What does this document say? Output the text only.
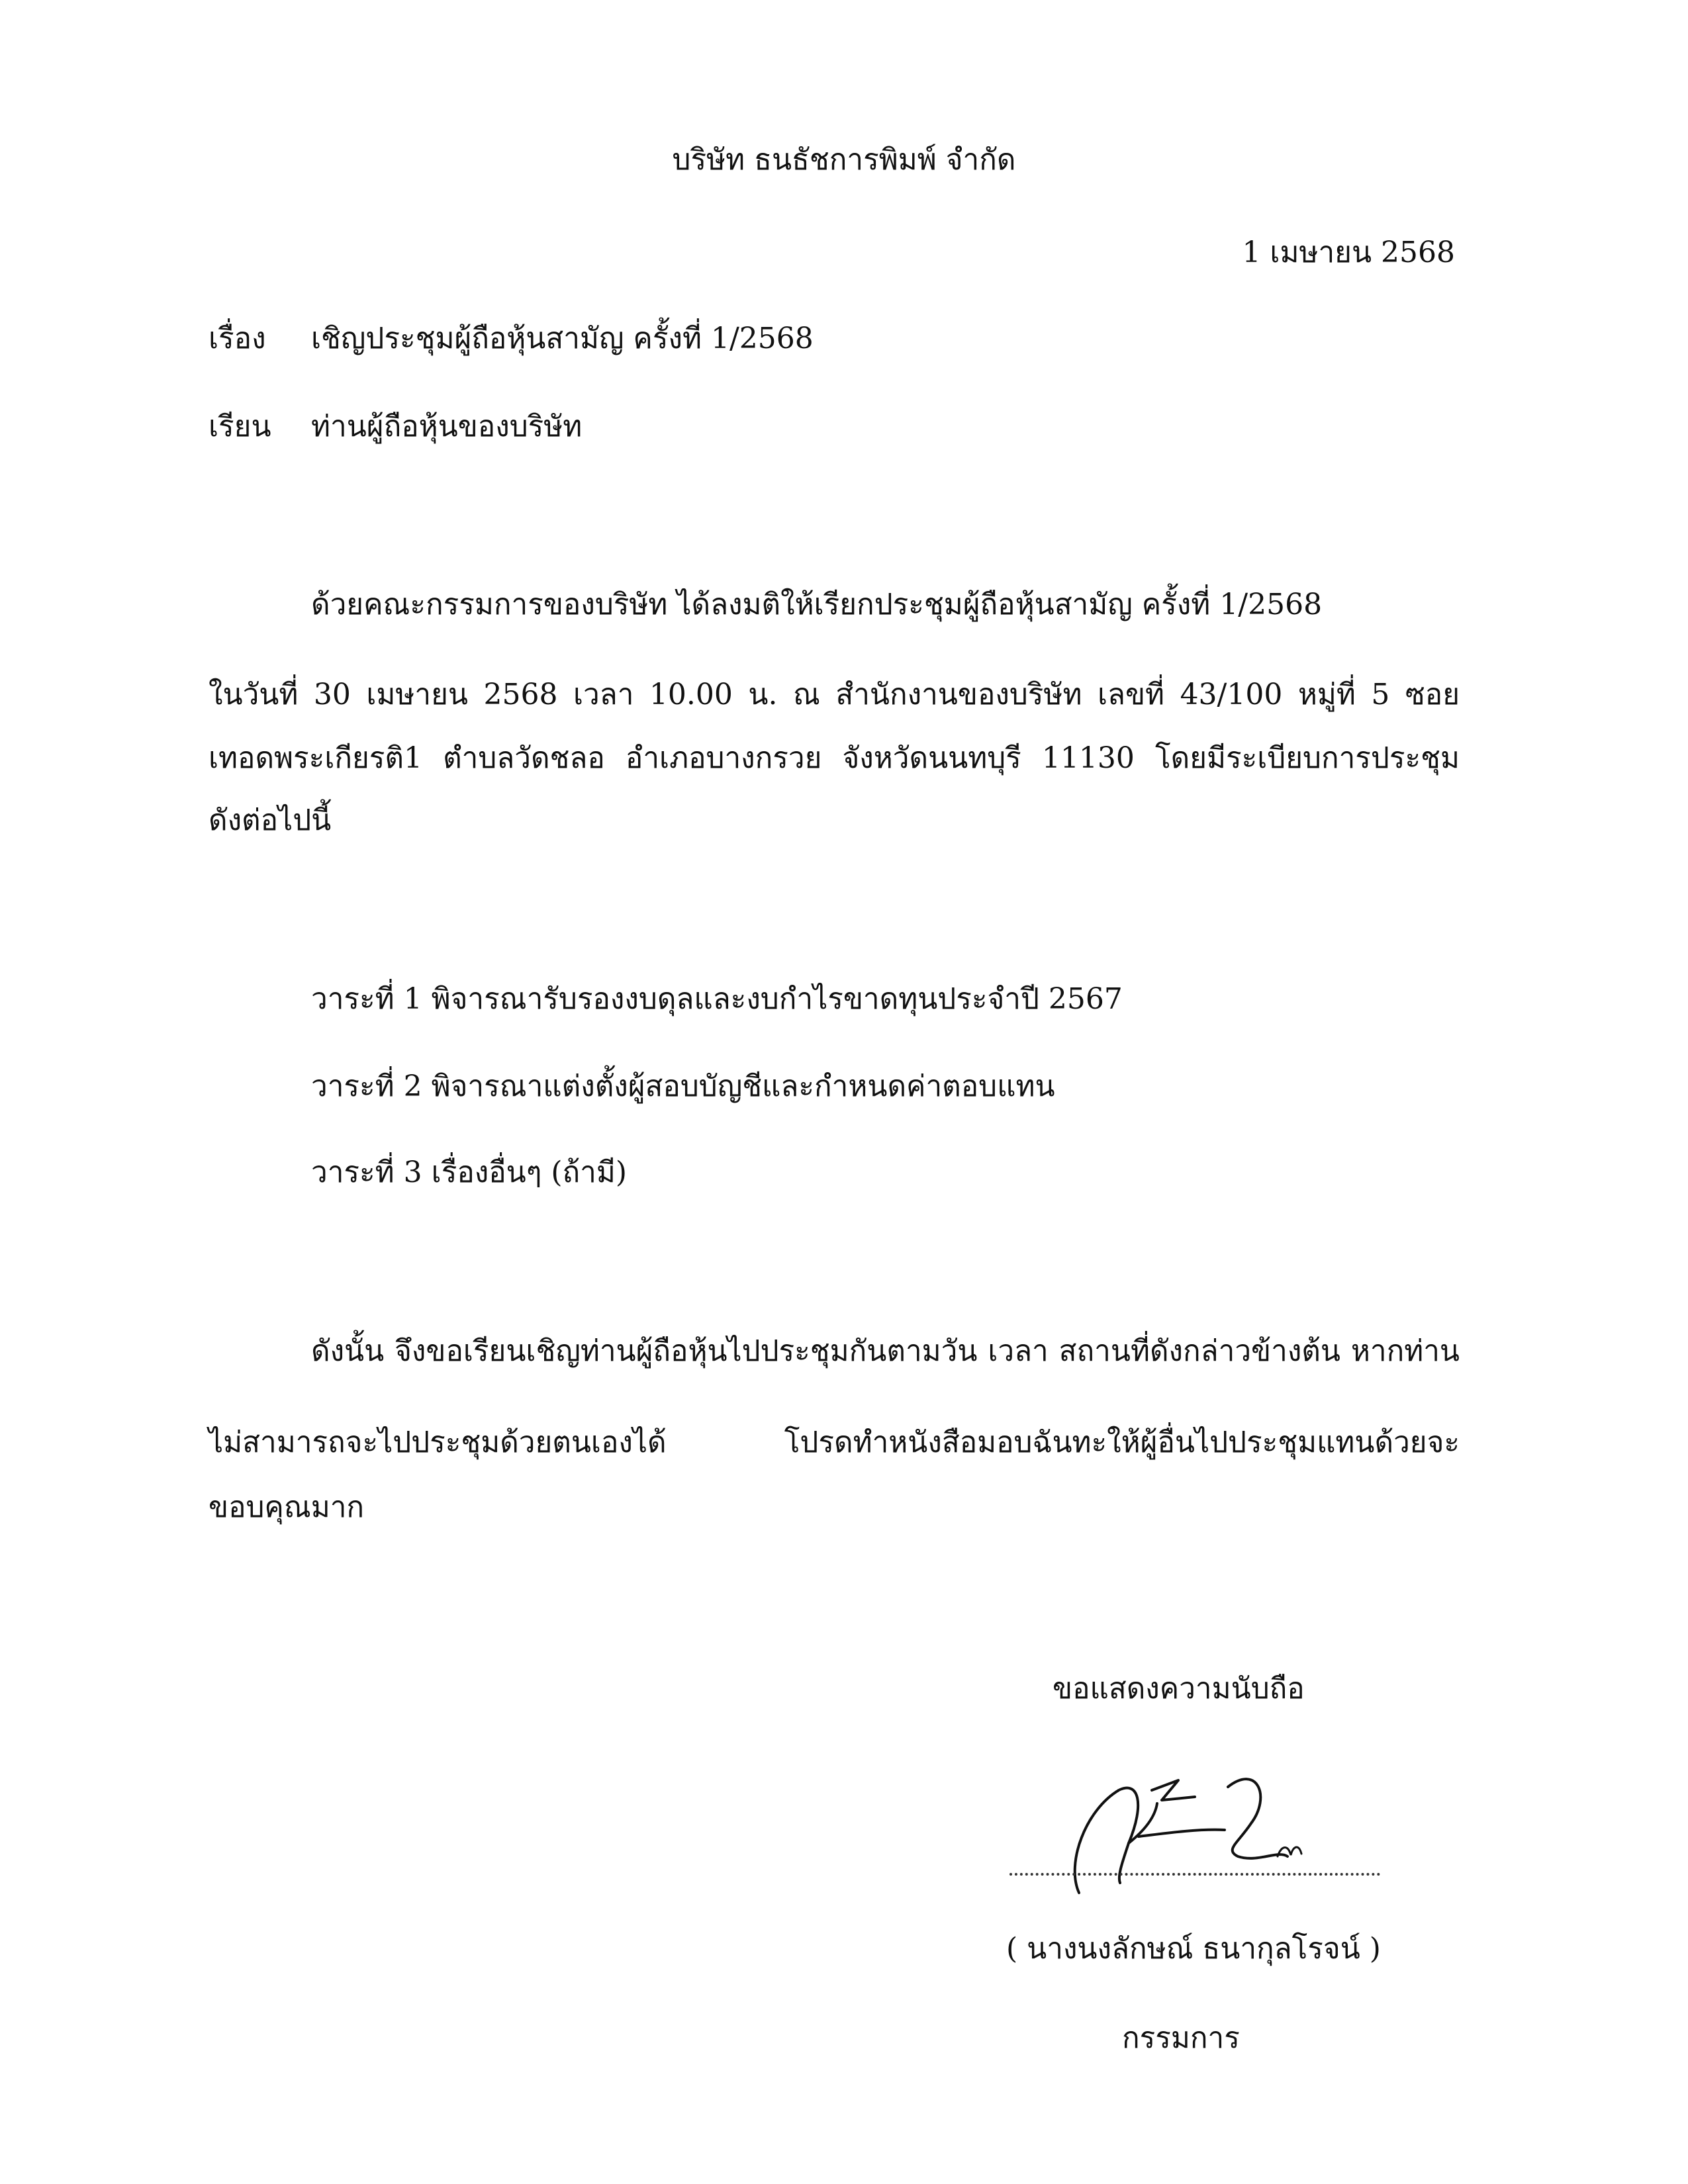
บริษัท ธนธัชการพิมพ์ จำกัด
1 เมษายน 2568
เรื่อง เชิญประชุมผู้ถือหุ้นสามัญ ครั้งที่ 1/2568
เรียน ท่านผู้ถือหุ้นของบริษัท
ด้วยคณะกรรมการของบริษัท ได้ลงมติให้เรียกประชุมผู้ถือหุ้นสามัญ ครั้งที่ 1/2568
ในวันที่ 30 เมษายน 2568 เวลา 10.00 น. ณ สำนักงานของบริษัท เลขที่ 43/100 หมู่ที่ 5 ซอย
เทอดพระเกียรติ1 ตำบลวัดชลอ อำเภอบางกรวย จังหวัดนนทบุรี 11130 โดยมีระเบียบการประชุม
ดังต่อไปนี้
วาระที่ 1 พิจารณารับรองงบดุลและงบกำไรขาดทุนประจำปี 2567
วาระที่ 2 พิจารณาแต่งตั้งผู้สอบบัญชีและกำหนดค่าตอบแทน
วาระที่ 3 เรื่องอื่นๆ (ถ้ามี)
ดังนั้น จึงขอเรียนเชิญท่านผู้ถือหุ้นไปประชุมกันตามวัน เวลา สถานที่ดังกล่าวข้างต้น หากท่าน
ไม่สามารถจะไปประชุมด้วยตนเองได้ โปรดทำหนังสือมอบฉันทะให้ผู้อื่นไปประชุมแทนด้วยจะ
ขอบคุณมาก
ขอแสดงความนับถือ
( นางนงลักษณ์ ธนากุลโรจน์ )
กรรมการ
